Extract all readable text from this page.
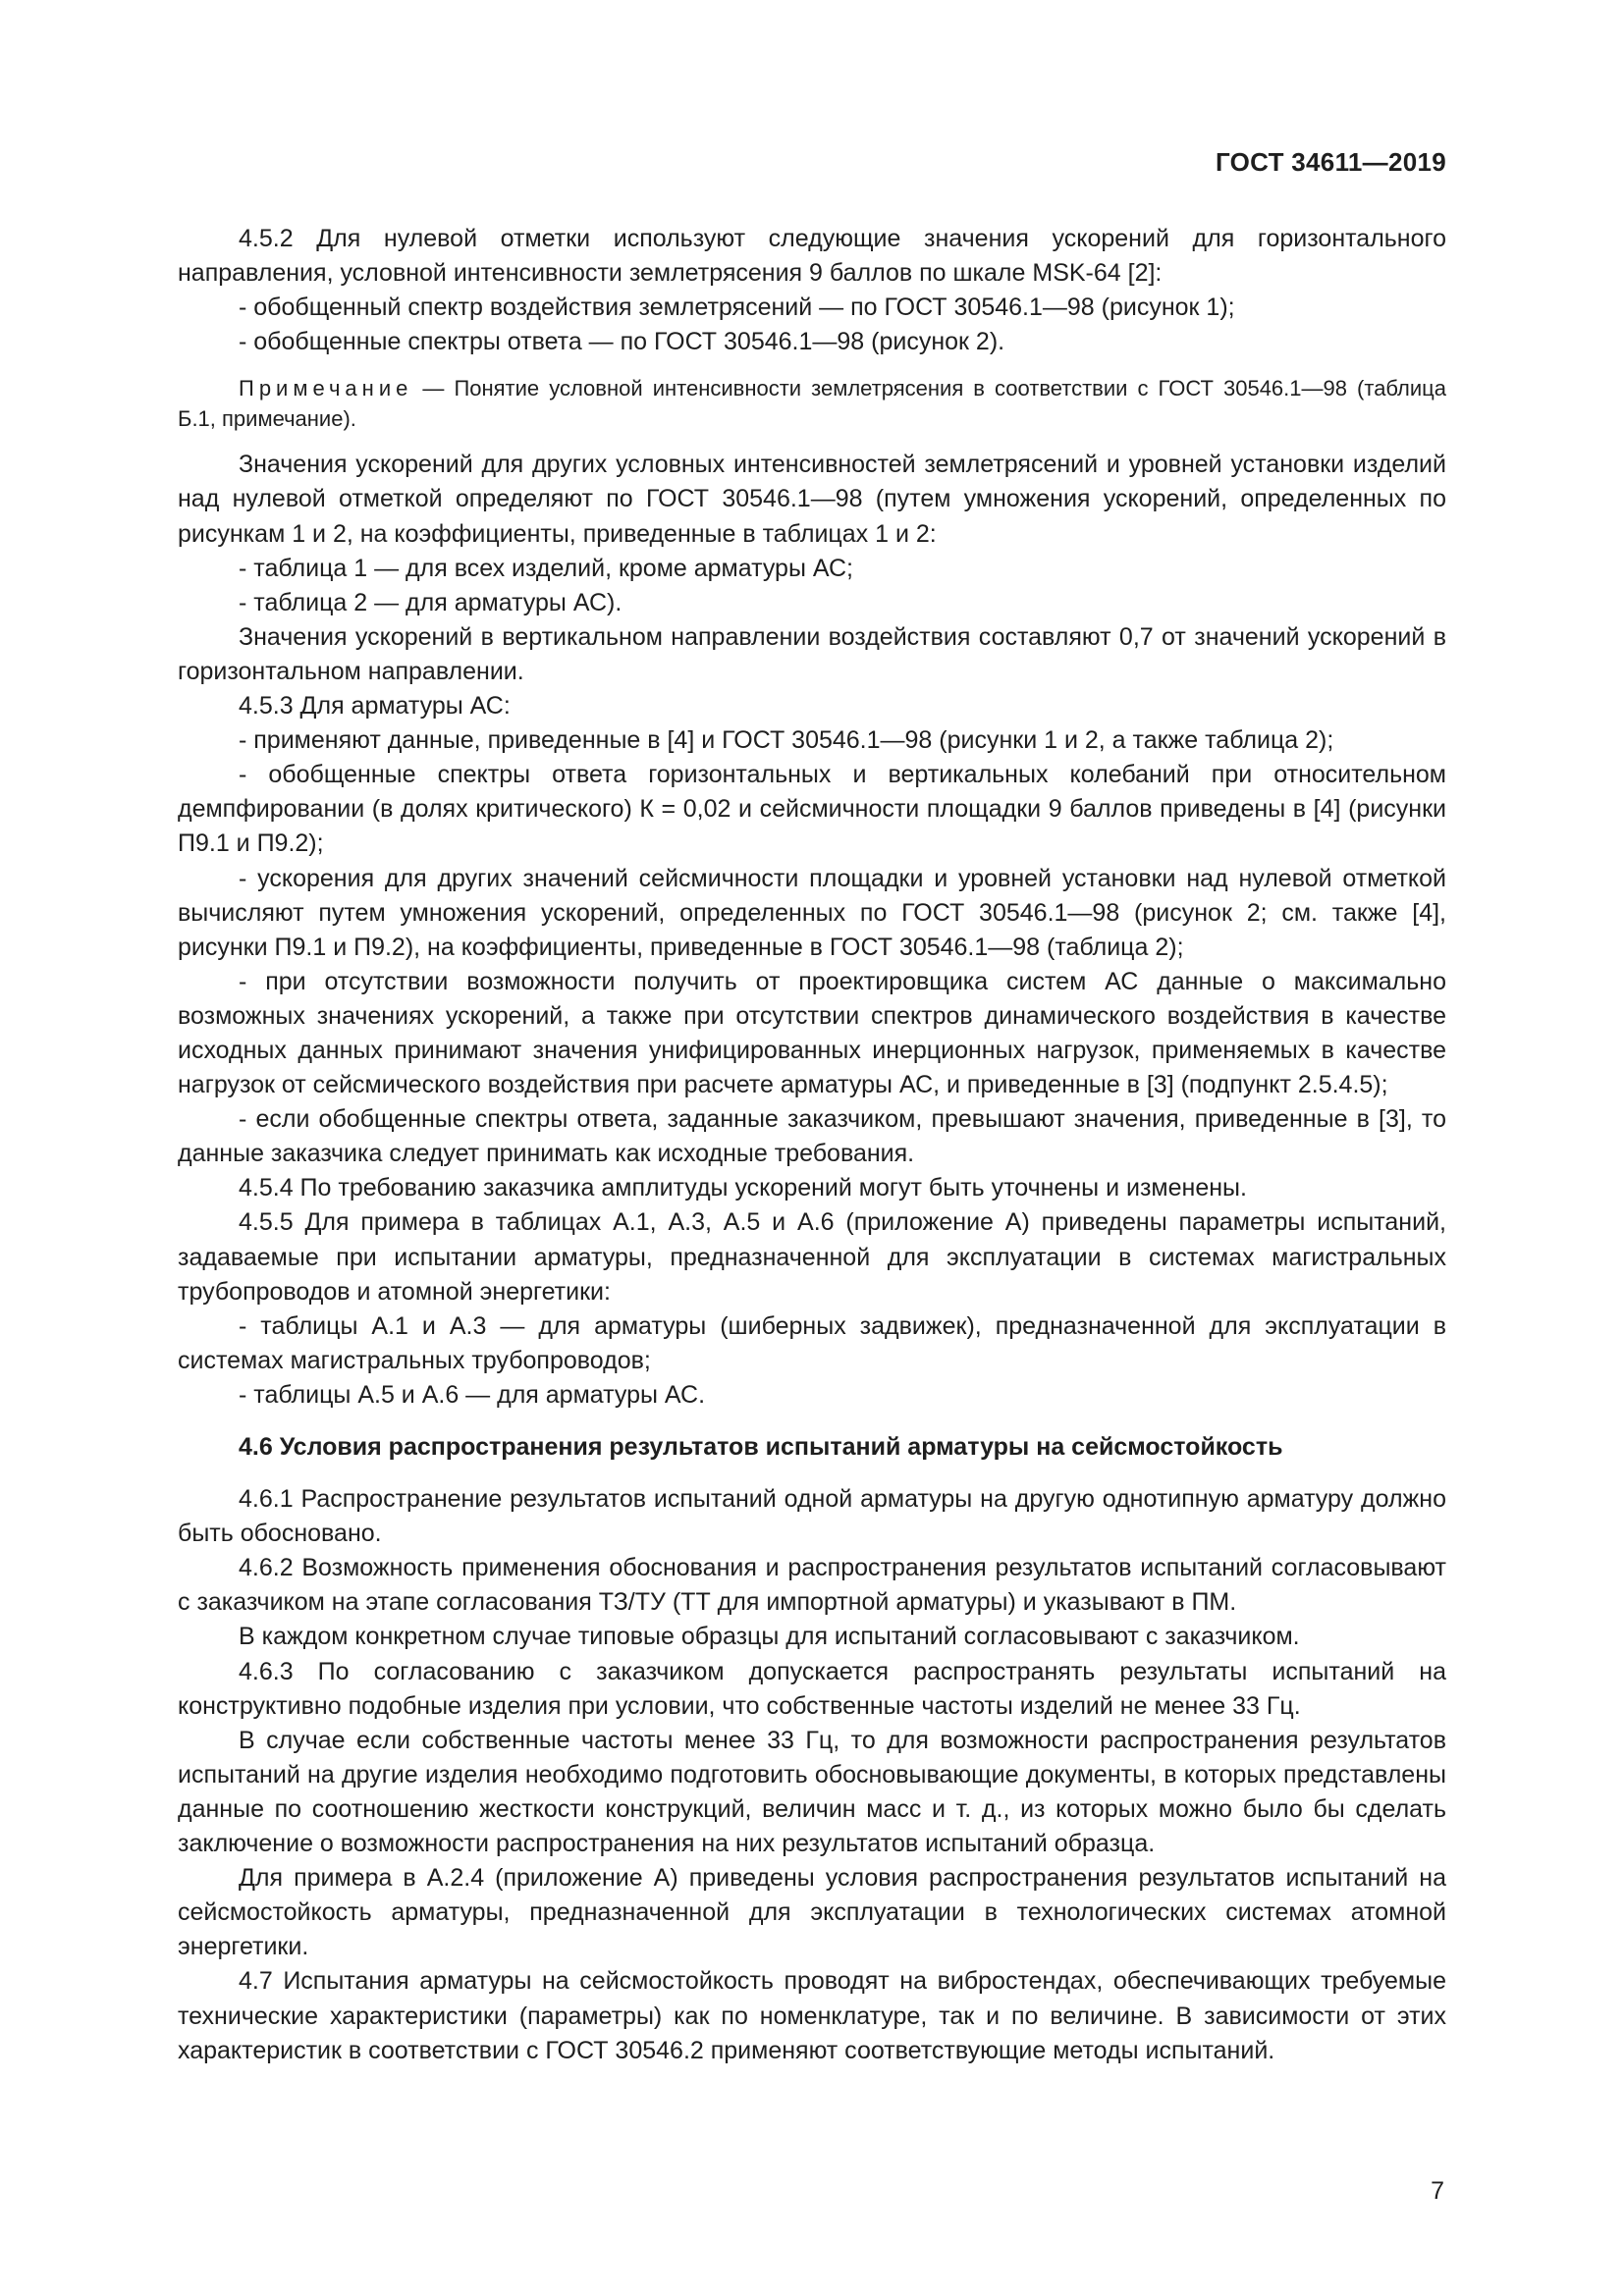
ГОСТ 34611—2019

4.5.2 Для нулевой отметки используют следующие значения ускорений для горизонтального направления, условной интенсивности землетрясения 9 баллов по шкале MSK-64 [2]:

- обобщенный спектр воздействия землетрясений — по ГОСТ 30546.1—98 (рисунок 1);

- обобщенные спектры ответа — по ГОСТ 30546.1—98 (рисунок 2).

Примечание — Понятие условной интенсивности землетрясения в соответствии с ГОСТ 30546.1—98 (таблица Б.1, примечание).

Значения ускорений для других условных интенсивностей землетрясений и уровней установки изделий над нулевой отметкой определяют по ГОСТ 30546.1—98 (путем умножения ускорений, определенных по рисункам 1 и 2, на коэффициенты, приведенные в таблицах 1 и 2:

- таблица 1 — для всех изделий, кроме арматуры АС;

- таблица 2 — для арматуры АС).

Значения ускорений в вертикальном направлении воздействия составляют 0,7 от значений ускорений в горизонтальном направлении.

4.5.3 Для арматуры АС:

- применяют данные, приведенные в [4] и ГОСТ 30546.1—98 (рисунки 1 и 2, а также таблица 2);

- обобщенные спектры ответа горизонтальных и вертикальных колебаний при относительном демпфировании (в долях критического) К = 0,02 и сейсмичности площадки 9 баллов приведены в [4] (рисунки П9.1 и П9.2);

- ускорения для других значений сейсмичности площадки и уровней установки над нулевой отметкой вычисляют путем умножения ускорений, определенных по ГОСТ 30546.1—98 (рисунок 2; см. также [4], рисунки П9.1 и П9.2), на коэффициенты, приведенные в ГОСТ 30546.1—98 (таблица 2);

- при отсутствии возможности получить от проектировщика систем АС данные о максимально возможных значениях ускорений, а также при отсутствии спектров динамического воздействия в качестве исходных данных принимают значения унифицированных инерционных нагрузок, применяемых в качестве нагрузок от сейсмического воздействия при расчете арматуры АС, и приведенные в [3] (подпункт 2.5.4.5);

- если обобщенные спектры ответа, заданные заказчиком, превышают значения, приведенные в [3], то данные заказчика следует принимать как исходные требования.

4.5.4 По требованию заказчика амплитуды ускорений могут быть уточнены и изменены.

4.5.5 Для примера в таблицах А.1, А.3, А.5 и А.6 (приложение А) приведены параметры испытаний, задаваемые при испытании арматуры, предназначенной для эксплуатации в системах магистральных трубопроводов и атомной энергетики:

- таблицы А.1 и А.3 — для арматуры (шиберных задвижек), предназначенной для эксплуатации в системах магистральных трубопроводов;

- таблицы А.5 и А.6 — для арматуры АС.

4.6 Условия распространения результатов испытаний арматуры на сейсмостойкость

4.6.1 Распространение результатов испытаний одной арматуры на другую однотипную арматуру должно быть обосновано.

4.6.2 Возможность применения обоснования и распространения результатов испытаний согласовывают с заказчиком на этапе согласования ТЗ/ТУ (ТТ для импортной арматуры) и указывают в ПМ.

В каждом конкретном случае типовые образцы для испытаний согласовывают с заказчиком.

4.6.3 По согласованию с заказчиком допускается распространять результаты испытаний на конструктивно подобные изделия при условии, что собственные частоты изделий не менее 33 Гц.

В случае если собственные частоты менее 33 Гц, то для возможности распространения результатов испытаний на другие изделия необходимо подготовить обосновывающие документы, в которых представлены данные по соотношению жесткости конструкций, величин масс и т. д., из которых можно было бы сделать заключение о возможности распространения на них результатов испытаний образца.

Для примера в А.2.4 (приложение А) приведены условия распространения результатов испытаний на сейсмостойкость арматуры, предназначенной для эксплуатации в технологических системах атомной энергетики.

4.7 Испытания арматуры на сейсмостойкость проводят на вибростендах, обеспечивающих требуемые технические характеристики (параметры) как по номенклатуре, так и по величине. В зависимости от этих характеристик в соответствии с ГОСТ 30546.2 применяют соответствующие методы испытаний.

7
